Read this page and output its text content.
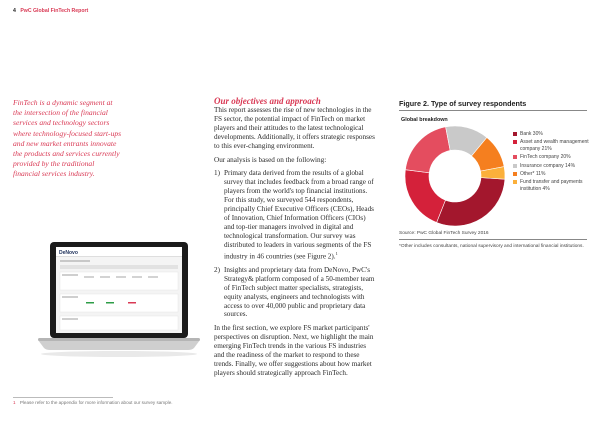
4 PwC Global FinTech Report

FinTech is a dynamic segment at the intersection of the financial services and technology sectors where technology-focused start-ups and new market entrants innovate the products and services currently provided by the traditional financial services industry.

Our objectives and approach

This report assesses the rise of new technologies in the FS sector, the potential impact of FinTech on market players and their attitudes to the latest technological developments. Additionally, it offers strategic responses to this ever-changing environment.

Our analysis is based on the following:

1) Primary data derived from the results of a global survey that includes feedback from a broad range of players from the world's top financial institutions. For this study, we surveyed 544 respondents, principally Chief Executive Officers (CEOs), Heads of Innovation, Chief Information Officers (CIOs) and top-tier managers involved in digital and technological transformation. Our survey was distributed to leaders in various segments of the FS industry in 46 countries (see Figure 2).$^1$
2) Insights and proprietary data from DeNovo, PwC's Strategy& platform composed of a 50-member team of FinTech subject matter specialists, strategists, equity analysts, engineers and technologists with access to over 40,000 public and proprietary data sources.

In the first section, we explore FS market participants' perspectives on disruption. Next, we highlight the main emerging FinTech trends in the various FS industries and the readiness of the market to respond to these trends. Finally, we offer suggestions about how market players should strategically approach FinTech.

Figure 2. Type of survey respondents
Global breakdown
Bank 30%
Asset and wealth management company 21%
FinTech company 20%
Insurance company 14%
Other* 11%
Fund transfer and payments institution 4%
Source: PwC Global FinTech Survey 2016
*Other includes consultants, national supervisory and international financial institutions.
DeNovo
1 Please refer to the appendix for more information about our survey sample.
